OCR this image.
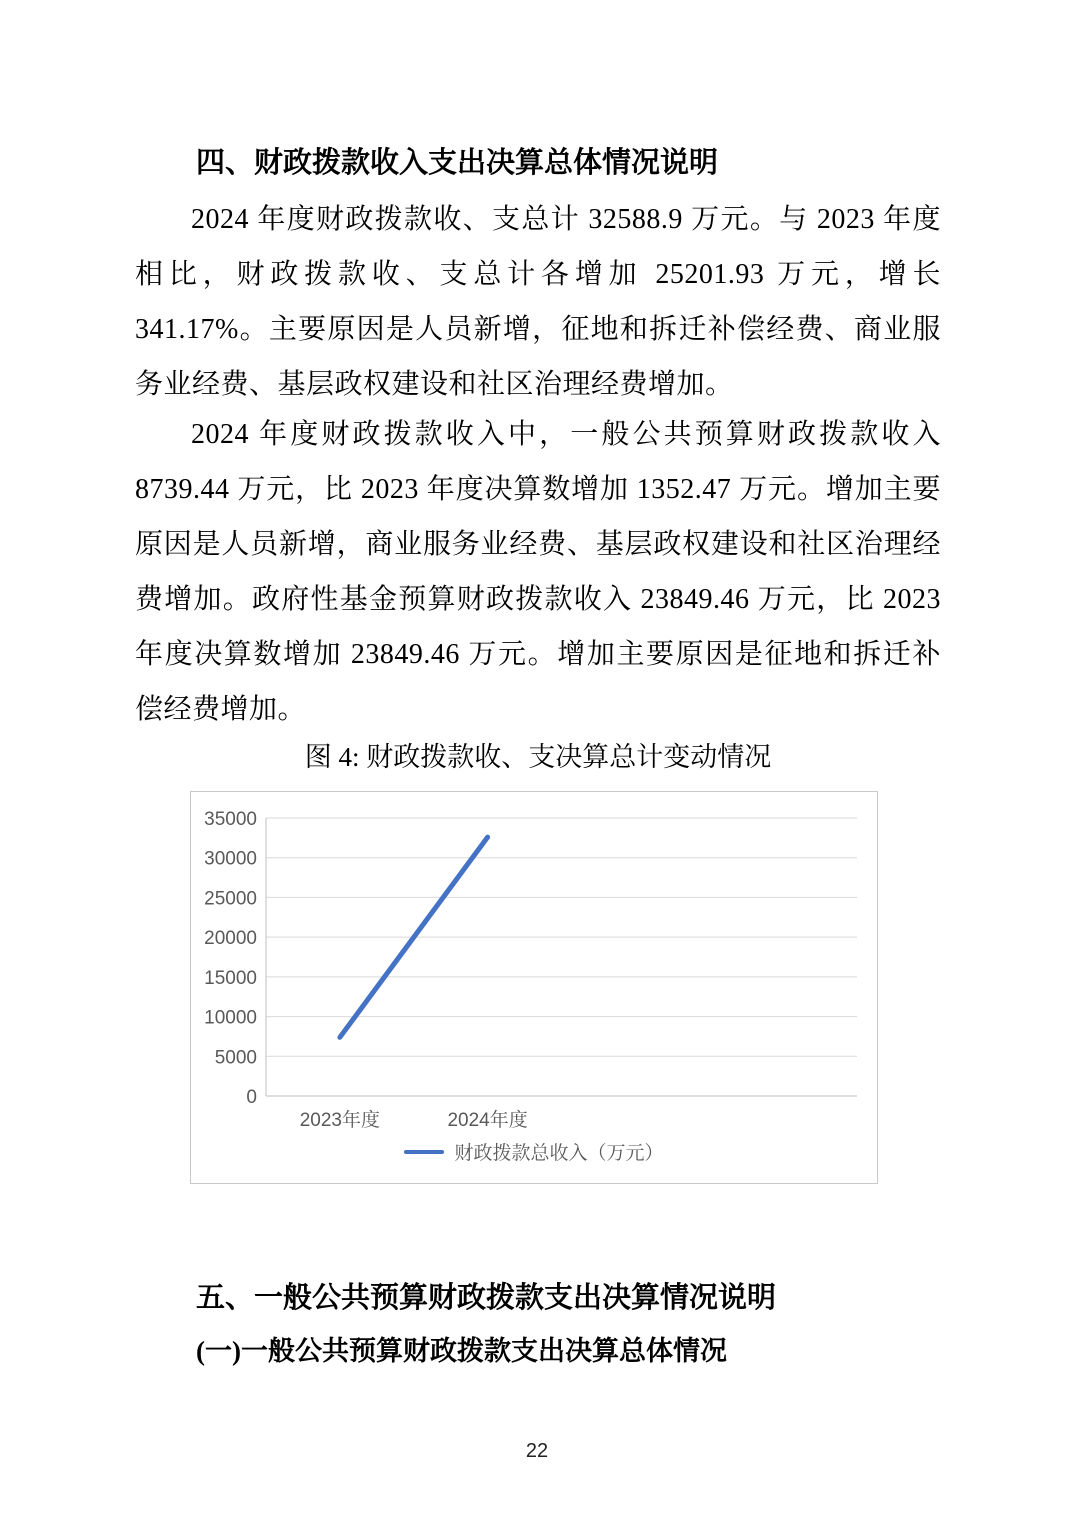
四、财政拨款收入支出决算总体情况说明

2024 年度财政拨款收、支总计 32588.9 万元。与 2023 年度相比，财政拨款收、支总计各增加 25201.93 万元，增长 341.17%。主要原因是人员新增，征地和拆迁补偿经费、商业服务业经费、基层政权建设和社区治理经费增加。

2024 年度财政拨款收入中，一般公共预算财政拨款收入 8739.44 万元，比 2023 年度决算数增加 1352.47 万元。增加主要原因是人员新增，商业服务业经费、基层政权建设和社区治理经费增加。政府性基金预算财政拨款收入 23849.46 万元，比 2023 年度决算数增加 23849.46 万元。增加主要原因是征地和拆迁补偿经费增加。

图 4: 财政拨款收、支决算总计变动情况
0
5000
10000
15000
20000
25000
30000
35000
2023年度	2024年度
财政拨款总收入（万元）
五、一般公共预算财政拨款支出决算情况说明
(一)一般公共预算财政拨款支出决算总体情况
22
